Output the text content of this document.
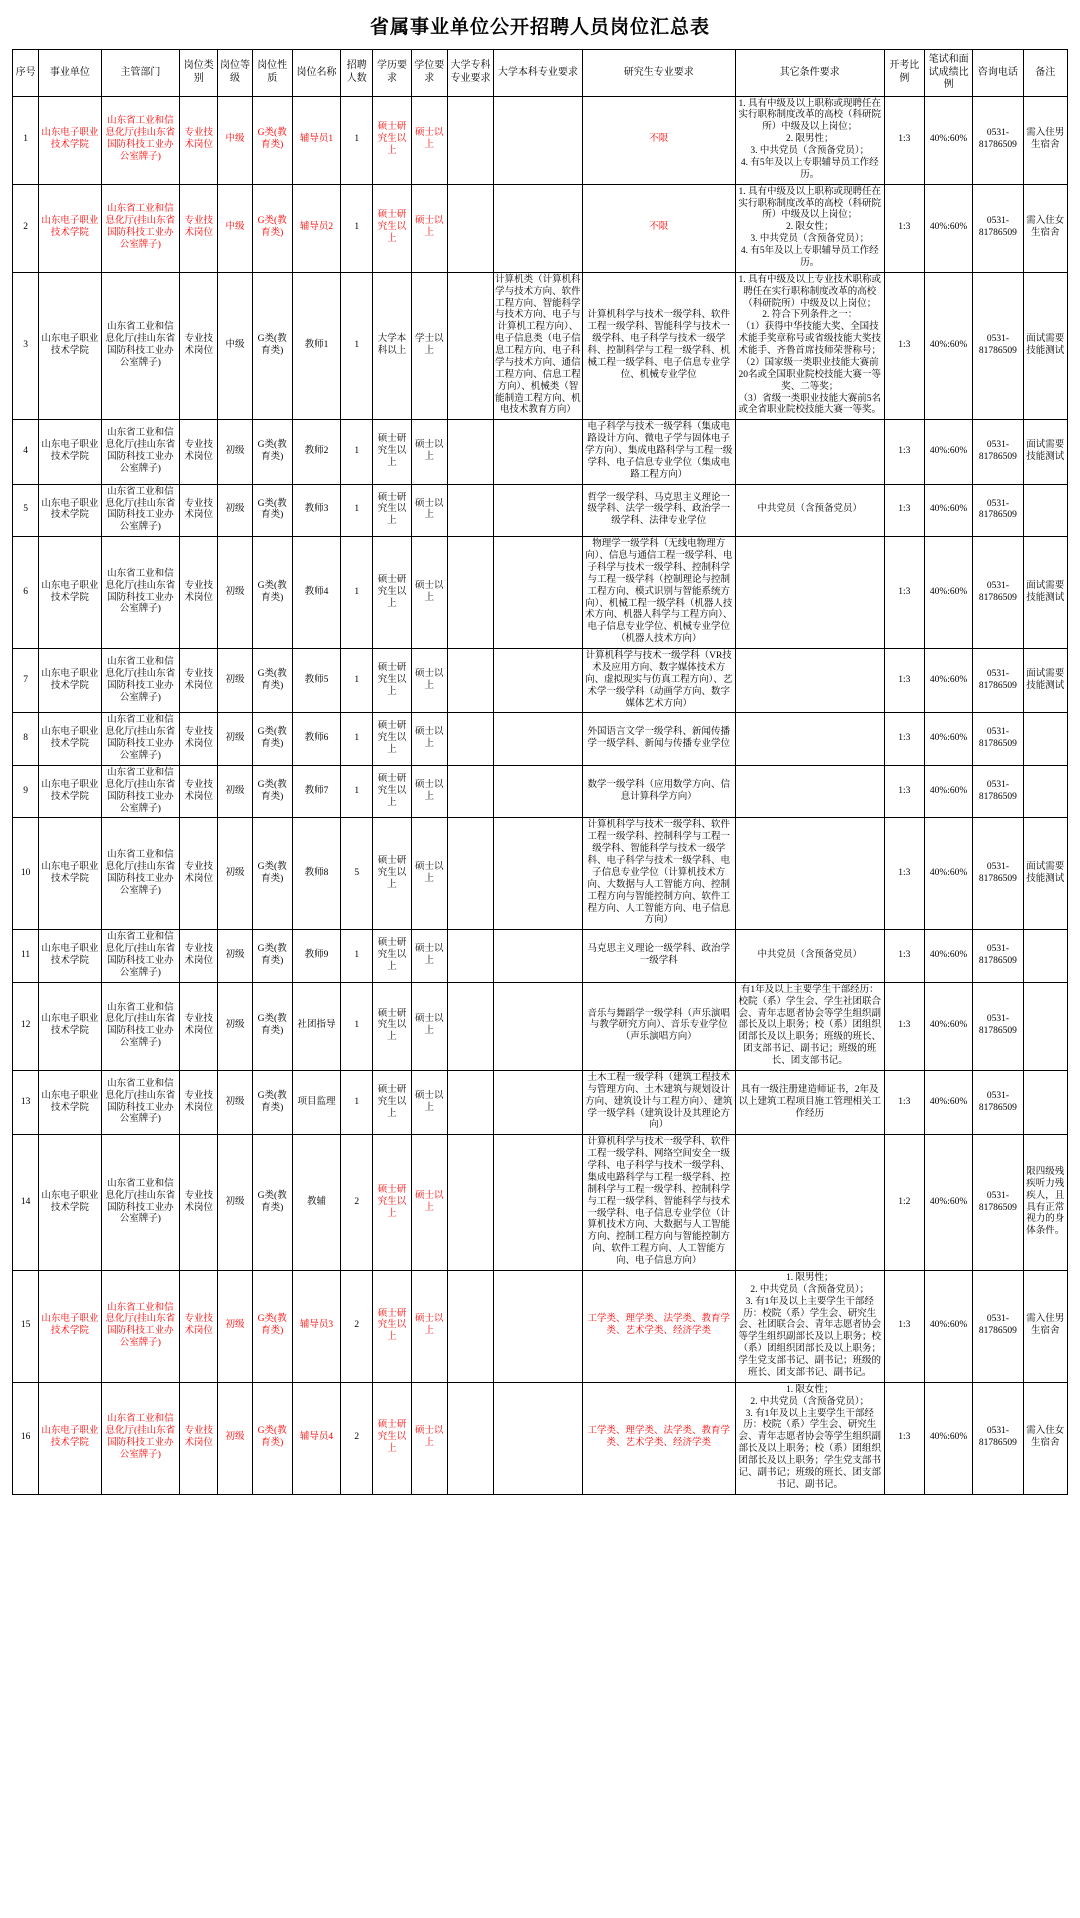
省属事业单位公开招聘人员岗位汇总表
序号	事业单位	主管部门	岗位类别	岗位等级	岗位性质	岗位名称	招聘人数	学历要求	学位要求	大学专科专业要求	大学本科专业要求	研究生专业要求	其它条件要求	开考比例	笔试和面试成绩比例	咨询电话	备注
1	山东电子职业技术学院	山东省工业和信息化厅(挂山东省国防科技工业办公室牌子)	专业技术岗位	中级	G类(教育类)	辅导员1	1	硕士研究生以上	硕士以上			不限	1. 具有中级及以上职称或现聘任在实行职称制度改革的高校（科研院所）中级及以上岗位；
2. 限男性；
3. 中共党员（含预备党员）；
4. 有5年及以上专职辅导员工作经历。	1:3	40%:60%	0531-81786509	需入住男生宿舍
2	山东电子职业技术学院	山东省工业和信息化厅(挂山东省国防科技工业办公室牌子)	专业技术岗位	中级	G类(教育类)	辅导员2	1	硕士研究生以上	硕士以上			不限	1. 具有中级及以上职称或现聘任在实行职称制度改革的高校（科研院所）中级及以上岗位；
2. 限女性；
3. 中共党员（含预备党员）；
4. 有5年及以上专职辅导员工作经历。	1:3	40%:60%	0531-81786509	需入住女生宿舍
3	山东电子职业技术学院	山东省工业和信息化厅(挂山东省国防科技工业办公室牌子)	专业技术岗位	中级	G类(教育类)	教师1	1	大学本科以上	学士以上		计算机类（计算机科学与技术方向、软件工程方向、智能科学与技术方向、电子与计算机工程方向）、电子信息类（电子信息工程方向、电子科学与技术方向、通信工程方向、信息工程方向）、机械类（智能制造工程方向、机电技术教育方向）	计算机科学与技术一级学科、软件工程一级学科、智能科学与技术一级学科、电子科学与技术一级学科、控制科学与工程一级学科、机械工程一级学科、电子信息专业学位、机械专业学位	1. 具有中级及以上专业技术职称或聘任在实行职称制度改革的高校（科研院所）中级及以上岗位；
2. 符合下列条件之一：
（1）获得中华技能大奖、全国技术能手奖章称号或省级技能大奖技术能手、齐鲁首席技师荣誉称号；
（2）国家级一类职业技能大赛前20名或全国职业院校技能大赛一等奖、二等奖；
（3）省级一类职业技能大赛前5名或全省职业院校技能大赛一等奖。	1:3	40%:60%	0531-81786509	面试需要技能测试
4	山东电子职业技术学院	山东省工业和信息化厅(挂山东省国防科技工业办公室牌子)	专业技术岗位	初级	G类(教育类)	教师2	1	硕士研究生以上	硕士以上			电子科学与技术一级学科（集成电路设计方向、微电子学与固体电子学方向）、集成电路科学与工程一级学科、电子信息专业学位（集成电路工程方向）		1:3	40%:60%	0531-81786509	面试需要技能测试
5	山东电子职业技术学院	山东省工业和信息化厅(挂山东省国防科技工业办公室牌子)	专业技术岗位	初级	G类(教育类)	教师3	1	硕士研究生以上	硕士以上			哲学一级学科、马克思主义理论一级学科、法学一级学科、政治学一级学科、法律专业学位	中共党员（含预备党员）	1:3	40%:60%	0531-81786509	
6	山东电子职业技术学院	山东省工业和信息化厅(挂山东省国防科技工业办公室牌子)	专业技术岗位	初级	G类(教育类)	教师4	1	硕士研究生以上	硕士以上			物理学一级学科（无线电物理方向）、信息与通信工程一级学科、电子科学与技术一级学科、控制科学与工程一级学科（控制理论与控制工程方向、模式识别与智能系统方向）、机械工程一级学科（机器人技术方向、机器人科学与工程方向）、电子信息专业学位、机械专业学位（机器人技术方向）		1:3	40%:60%	0531-81786509	面试需要技能测试
7	山东电子职业技术学院	山东省工业和信息化厅(挂山东省国防科技工业办公室牌子)	专业技术岗位	初级	G类(教育类)	教师5	1	硕士研究生以上	硕士以上			计算机科学与技术一级学科（VR技术及应用方向、数字媒体技术方向、虚拟现实与仿真工程方向）、艺术学一级学科（动画学方向、数字媒体艺术方向）		1:3	40%:60%	0531-81786509	面试需要技能测试
8	山东电子职业技术学院	山东省工业和信息化厅(挂山东省国防科技工业办公室牌子)	专业技术岗位	初级	G类(教育类)	教师6	1	硕士研究生以上	硕士以上			外国语言文学一级学科、新闻传播学一级学科、新闻与传播专业学位		1:3	40%:60%	0531-81786509	
9	山东电子职业技术学院	山东省工业和信息化厅(挂山东省国防科技工业办公室牌子)	专业技术岗位	初级	G类(教育类)	教师7	1	硕士研究生以上	硕士以上			数学一级学科（应用数学方向、信息计算科学方向）		1:3	40%:60%	0531-81786509	
10	山东电子职业技术学院	山东省工业和信息化厅(挂山东省国防科技工业办公室牌子)	专业技术岗位	初级	G类(教育类)	教师8	5	硕士研究生以上	硕士以上			计算机科学与技术一级学科、软件工程一级学科、控制科学与工程一级学科、智能科学与技术一级学科、电子科学与技术一级学科、电子信息专业学位（计算机技术方向、大数据与人工智能方向、控制工程方向与智能控制方向、软件工程方向、人工智能方向、电子信息方向）		1:3	40%:60%	0531-81786509	面试需要技能测试
11	山东电子职业技术学院	山东省工业和信息化厅(挂山东省国防科技工业办公室牌子)	专业技术岗位	初级	G类(教育类)	教师9	1	硕士研究生以上	硕士以上			马克思主义理论一级学科、政治学一级学科	中共党员（含预备党员）	1:3	40%:60%	0531-81786509	
12	山东电子职业技术学院	山东省工业和信息化厅(挂山东省国防科技工业办公室牌子)	专业技术岗位	初级	G类(教育类)	社团指导	1	硕士研究生以上	硕士以上			音乐与舞蹈学一级学科（声乐演唱与教学研究方向）、音乐专业学位（声乐演唱方向）	有1年及以上主要学生干部经历：校院（系）学生会、学生社团联合会、青年志愿者协会等学生组织副部长及以上职务；校（系）团组织团部长及以上职务；班级的班长、团支部书记、副书记；班级的班长、团支部书记。	1:3	40%:60%	0531-81786509	
13	山东电子职业技术学院	山东省工业和信息化厅(挂山东省国防科技工业办公室牌子)	专业技术岗位	初级	G类(教育类)	项目监理	1	硕士研究生以上	硕士以上			土木工程一级学科（建筑工程技术与管理方向、土木建筑与规划设计方向、建筑设计与工程方向）、建筑学一级学科（建筑设计及其理论方向）	具有一级注册建造师证书，2年及以上建筑工程项目施工管理相关工作经历	1:3	40%:60%	0531-81786509	
14	山东电子职业技术学院	山东省工业和信息化厅(挂山东省国防科技工业办公室牌子)	专业技术岗位	初级	G类(教育类)	教辅	2	硕士研究生以上	硕士以上			计算机科学与技术一级学科、软件工程一级学科、网络空间安全一级学科、电子科学与技术一级学科、集成电路科学与工程一级学科、控制科学与工程一级学科、控制科学与工程一级学科、智能科学与技术一级学科、电子信息专业学位（计算机技术方向、大数据与人工智能方向、控制工程方向与智能控制方向、软件工程方向、人工智能方向、电子信息方向）		1:2	40%:60%	0531-81786509	限四级残疾听力残疾人，且具有正常视力的身体条件。
15	山东电子职业技术学院	山东省工业和信息化厅(挂山东省国防科技工业办公室牌子)	专业技术岗位	初级	G类(教育类)	辅导员3	2	硕士研究生以上	硕士以上			工学类、理学类、法学类、教育学类、艺术学类、经济学类	1. 限男性；
2. 中共党员（含预备党员）；
3. 有1年及以上主要学生干部经历：校院（系）学生会、研究生会、社团联合会、青年志愿者协会等学生组织副部长及以上职务；校（系）团组织团部长及以上职务；学生党支部书记、副书记；班级的班长、团支部书记、副书记。	1:3	40%:60%	0531-81786509	需入住男生宿舍
16	山东电子职业技术学院	山东省工业和信息化厅(挂山东省国防科技工业办公室牌子)	专业技术岗位	初级	G类(教育类)	辅导员4	2	硕士研究生以上	硕士以上			工学类、理学类、法学类、教育学类、艺术学类、经济学类	1. 限女性；
2. 中共党员（含预备党员）；
3. 有1年及以上主要学生干部经历：校院（系）学生会、研究生会、青年志愿者协会等学生组织副部长及以上职务；校（系）团组织团部长及以上职务；学生党支部书记、副书记；班级的班长、团支部书记、副书记。	1:3	40%:60%	0531-81786509	需入住女生宿舍
